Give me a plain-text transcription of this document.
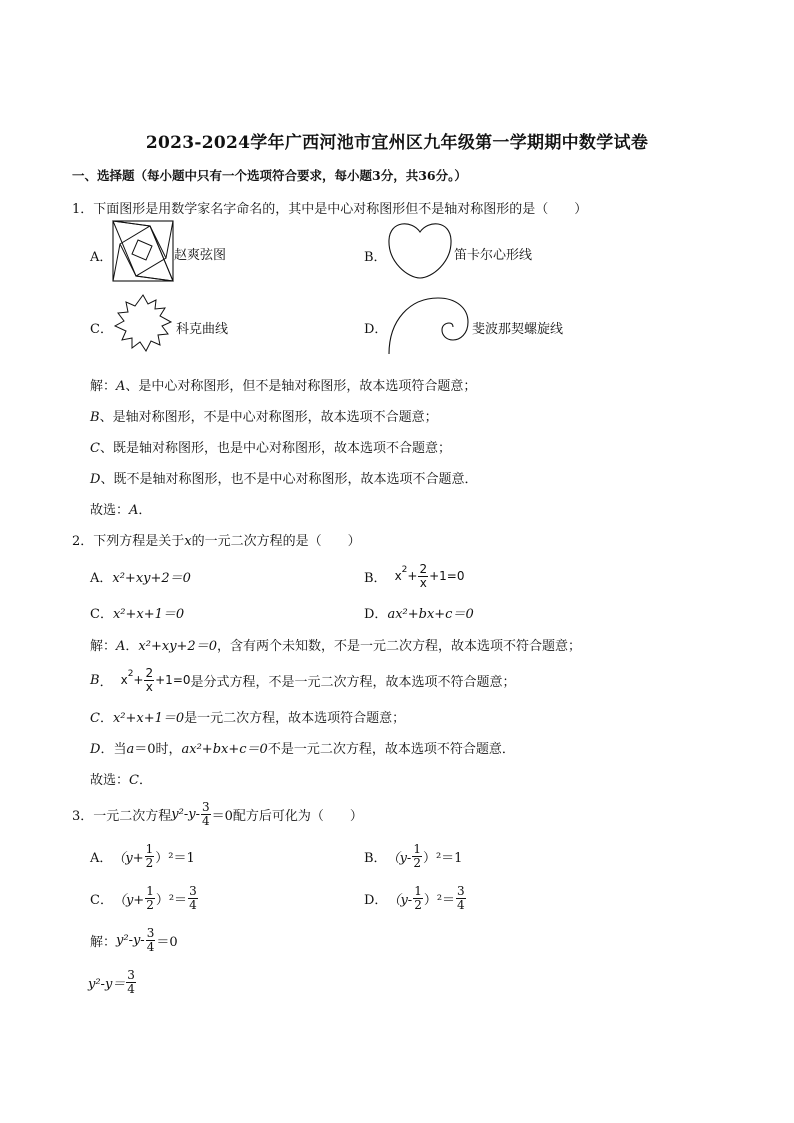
2023-2024学年广西河池市宜州区九年级第一学期期中数学试卷
一、选择题（每小题中只有一个选项符合要求，每小题3分，共36分。）
1．下面图形是用数学家名字命名的，其中是中心对称图形但不是轴对称图形的是（　　）
A．	赵爽弦图	B．	笛卡尔心形线
C．	科克曲线	D．	斐波那契螺旋线
解：A、是中心对称图形，但不是轴对称图形，故本选项符合题意；
B、是轴对称图形，不是中心对称图形，故本选项不合题意；
C、既是轴对称图形，也是中心对称图形，故本选项不合题意；
D、既不是轴对称图形，也不是中心对称图形，故本选项不合题意．
故选：A．
2．下列方程是关于x的一元二次方程的是（　　）
A．x²+xy+2＝0	B． x $2 + \frac{2}{x} +1=0$
C．x²+x+1＝0	D．ax²+bx+c＝0
解：A．x²+xy+2＝0，含有两个未知数，不是一元二次方程，故本选项不符合题意；
B ． x $2 + \frac{2}{x} +1=0$ 是分式方程，不是一元二次方程，故本选项不符合题意；
C．x²+x+1＝0是一元二次方程，故本选项符合题意；
D．当a＝0时，ax²+bx+c＝0不是一元二次方程，故本选项不符合题意．
故选：C．
3．一元二次方程 $y^2-y- \frac{3}{4} =0$配方后可化为（　　）
A． $(y+ \frac{1}{2} )^2=1$	B． $(y- \frac{1}{2} )^2=1$
C． $(y+ \frac{1}{2} )^2= \frac{3}{4}$	D． $(y- \frac{1}{2} )^2= \frac{3}{4}$
解： $y^2-y- \frac{3}{4} =0$
$y^2-y= \frac{3}{4}$
